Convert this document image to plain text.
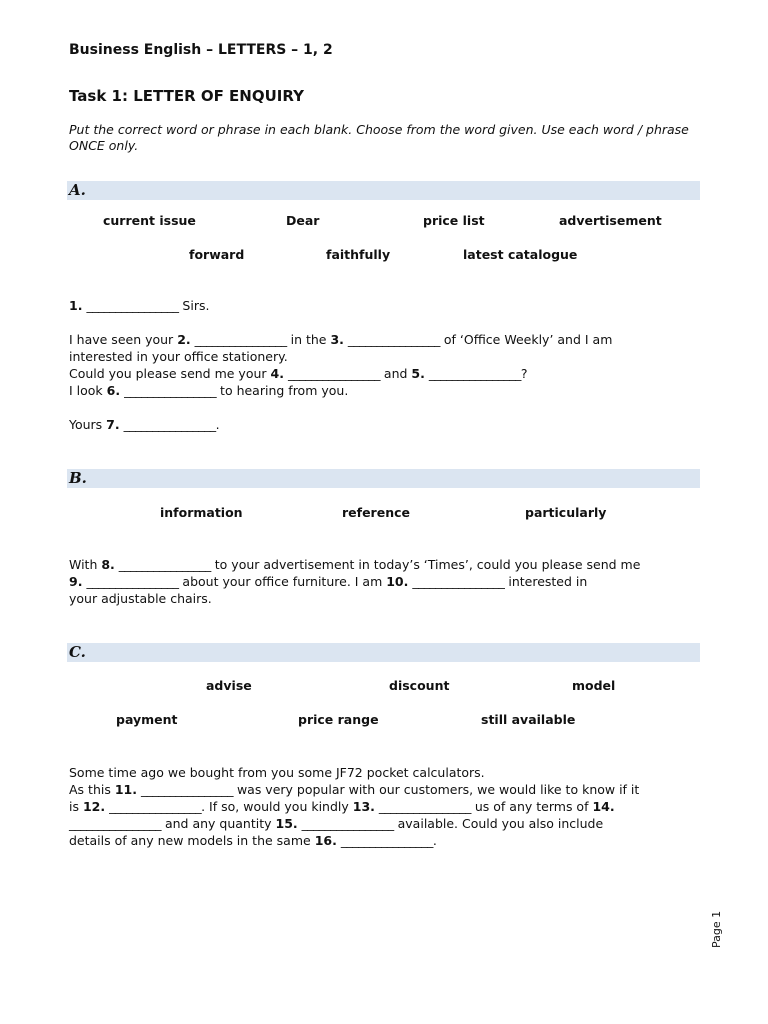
Business English – LETTERS – 1, 2
Task 1: LETTER OF ENQUIRY
Put the correct word or phrase in each blank. Choose from the word given. Use each word / phrase ONCE only.
A.
current issue	Dear	price list	advertisement
forward	faithfully	latest catalogue

1. ________________ Sirs.

I have seen your 2. ________________ in the 3. ________________ of ‘Office Weekly’ and I am

interested in your office stationery.

Could you please send me your 4. ________________ and 5. ________________?

I look 6. ________________ to hearing from you.

Yours 7. ________________.

B.
information	reference	particularly

With 8. ________________ to your advertisement in today’s ‘Times’, could you please send me

9. ________________ about your office furniture. I am 10. ________________ interested in

your adjustable chairs.

C.
advise	discount	model
payment	price range	still available

Some time ago we bought from you some JF72 pocket calculators.

As this 11. ________________ was very popular with our customers, we would like to know if it

is 12. ________________. If so, would you kindly 13. ________________ us of any terms of 14.

________________ and any quantity 15. ________________ available. Could you also include

details of any new models in the same 16. ________________.

Page 1
